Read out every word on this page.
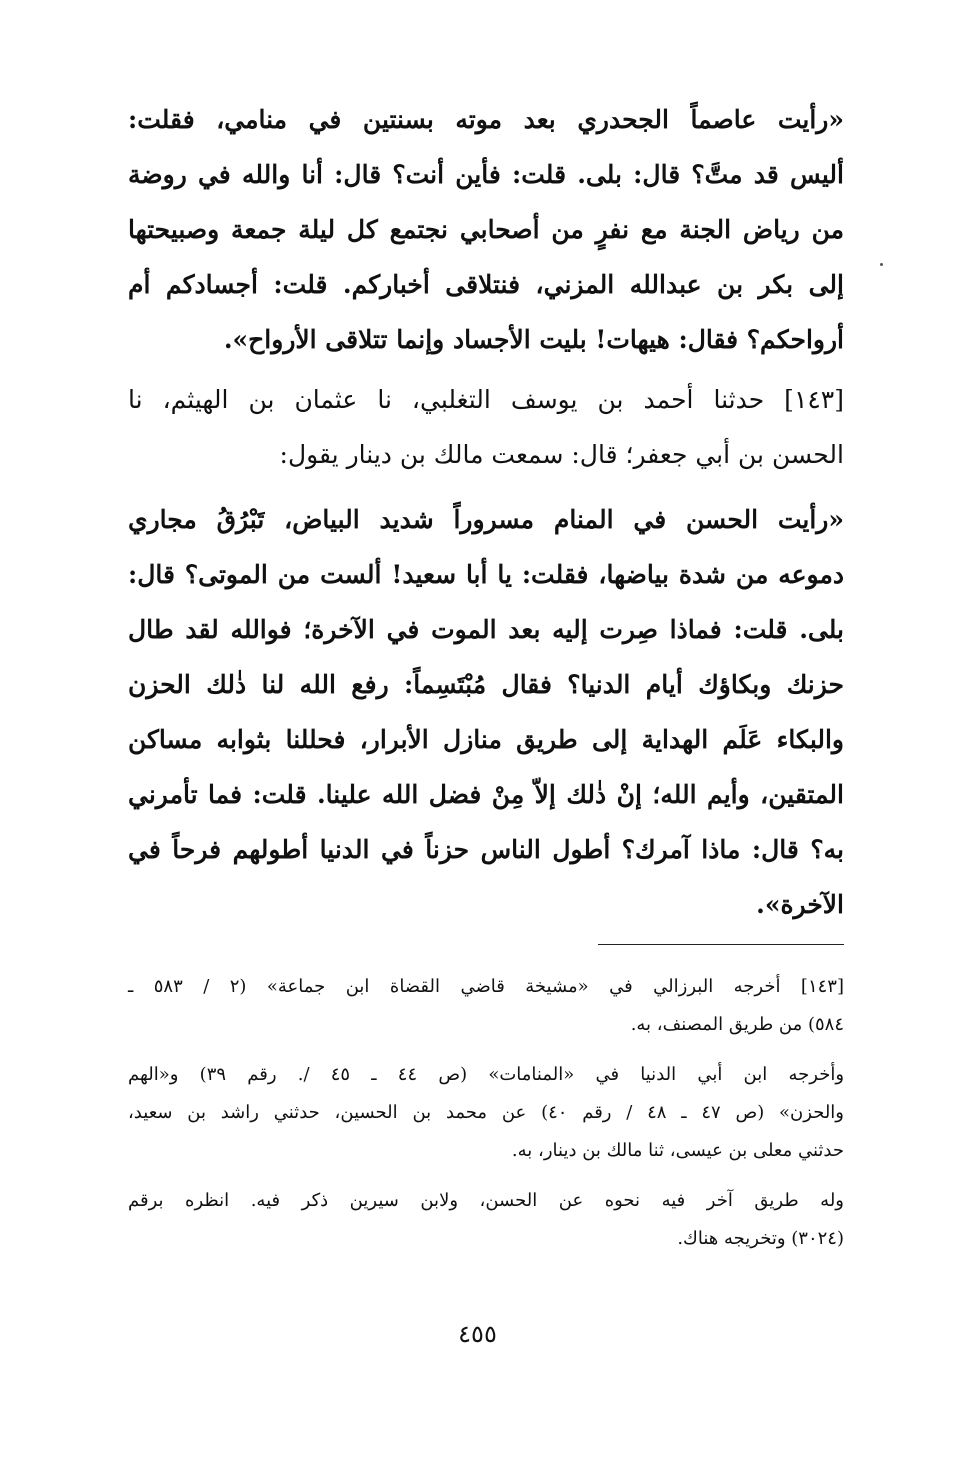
«رأيت عاصماً الجحدري بعد موته بسنتين في منامي، فقلت:
أليس قد متَّ؟ قال: بلى. قلت: فأين أنت؟ قال: أنا والله في روضة
من رياض الجنة مع نفرٍ من أصحابي نجتمع كل ليلة جمعة وصبيحتها
إلى بكر بن عبدالله المزني، فنتلاقى أخباركم. قلت: أجسادكم أم
أرواحكم؟ فقال: هيهات! بليت الأجساد وإنما تتلاقى الأرواح».
[١٤٣] حدثنا أحمد بن يوسف التغلبي، نا عثمان بن الهيثم، نا
الحسن بن أبي جعفر؛ قال: سمعت مالك بن دينار يقول:
«رأيت الحسن في المنام مسروراً شديد البياض، تَبْرُقُ مجاري
دموعه من شدة بياضها، فقلت: يا أبا سعيد! ألست من الموتى؟ قال:
بلى. قلت: فماذا صِرت إليه بعد الموت في الآخرة؛ فوالله لقد طال
حزنك وبكاؤك أيام الدنيا؟ فقال مُبْتَسِماً: رفع الله لنا ذٰلك الحزن
والبكاء عَلَم الهداية إلى طريق منازل الأبرار، فحللنا بثوابه مساكن
المتقين، وأيم الله؛ إنْ ذٰلك إلاّ مِنْ فضل الله علينا. قلت: فما تأمرني
به؟ قال: ماذا آمرك؟ أطول الناس حزناً في الدنيا أطولهم فرحاً في
الآخرة».
[١٤٣] أخرجه البرزالي في «مشيخة قاضي القضاة ابن جماعة» (٢ / ٥٨٣ ـ
٥٨٤) من طريق المصنف، به.
وأخرجه ابن أبي الدنيا في «المنامات» (ص ٤٤ ـ ٤٥ /. رقم ٣٩) و«الهم
والحزن» (ص ٤٧ ـ ٤٨ / رقم ٤٠) عن محمد بن الحسين، حدثني راشد بن سعيد،
حدثني معلى بن عيسى، ثنا مالك بن دينار، به.
وله طريق آخر فيه نحوه عن الحسن، ولابن سيرين ذكر فيه. انظره برقم
(٣٠٢٤) وتخريجه هناك.
٤٥٥
